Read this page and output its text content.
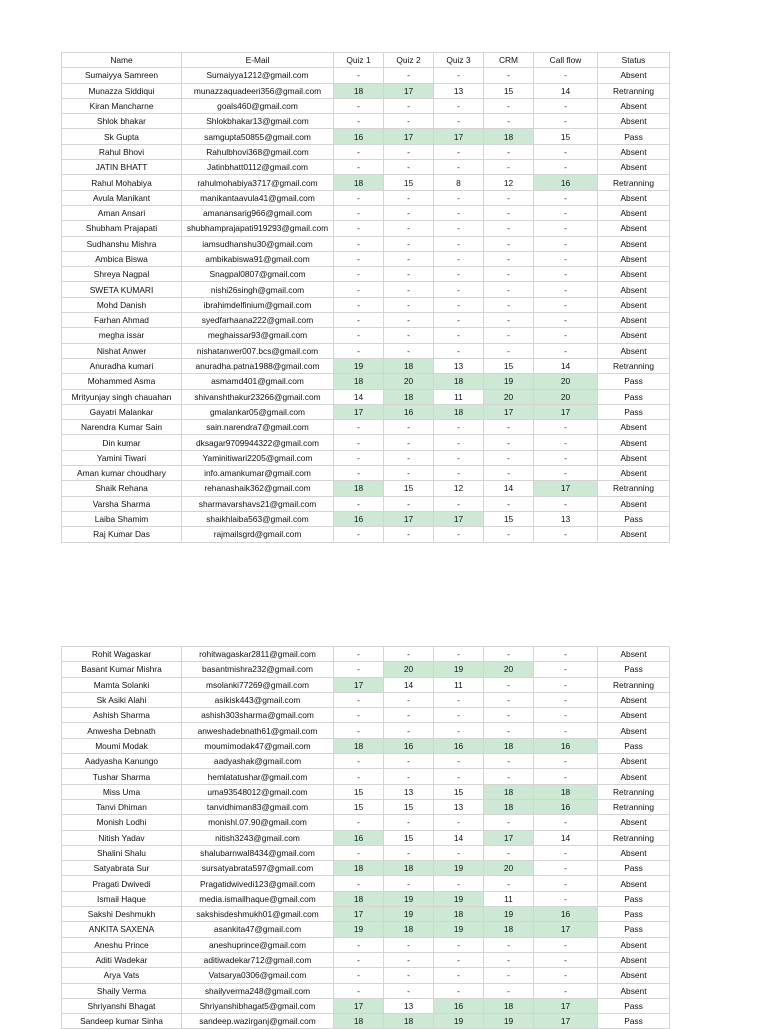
Name	E-Mail	Quiz 1	Quiz 2	Quiz 3	CRM	Call flow	Status
Sumaiyya Samreen	Sumaiyya1212@gmail.com	-	-	-	-	-	Absent
Munazza Siddiqui	munazzaquadeeri356@gmail.com	18	17	13	15	14	Retranning
Kiran Mancharne	goals460@gmail.com	-	-	-	-	-	Absent
Shlok bhakar	Shlokbhakar13@gmail.com	-	-	-	-	-	Absent
Sk Gupta	samgupta50855@gmail.com	16	17	17	18	15	Pass
Rahul Bhovi	Rahulbhovi368@gmail.com	-	-	-	-	-	Absent
JATIN BHATT	Jatinbhatt0112@gmail.com	-	-	-	-	-	Absent
Rahul Mohabiya	rahulmohabiya3717@gmail.com	18	15	8	12	16	Retranning
Avula Manikant	manikantaavula41@gmail.com	-	-	-	-	-	Absent
Aman Ansari	amanansarig966@gmail.com	-	-	-	-	-	Absent
Shubham Prajapati	shubhamprajapati919293@gmail.com	-	-	-	-	-	Absent
Sudhanshu Mishra	iamsudhanshu30@gmail.com	-	-	-	-	-	Absent
Ambica Biswa	ambikabiswa91@gmail.com	-	-	-	-	-	Absent
Shreya Nagpal	Snagpal0807@gmail.com	-	-	-	-	-	Absent
SWETA KUMARI	nishi26singh@gmail.com	-	-	-	-	-	Absent
Mohd Danish	ibrahimdelfinium@gmail.com	-	-	-	-	-	Absent
Farhan Ahmad	syedfarhaana222@gmail.com	-	-	-	-	-	Absent
megha issar	meghaissar93@gmail.com	-	-	-	-	-	Absent
Nishat Anwer	nishatanwer007.bcs@gmail.com	-	-	-	-	-	Absent
Anuradha kumari	anuradha.patna1988@gmail.com	19	18	13	15	14	Retranning
Mohammed Asma	asmamd401@gmail.com	18	20	18	19	20	Pass
Mrityunjay singh chauahan	shivanshthakur23266@gmail.com	14	18	11	20	20	Pass
Gayatri Malankar	gmalankar05@gmail.com	17	16	18	17	17	Pass
Narendra Kumar Sain	sain.narendra7@gmail.com	-	-	-	-	-	Absent
Din kumar	dksagar9709944322@gmail.com	-	-	-	-	-	Absent
Yamini Tiwari	Yaminitiwari2205@gmail.com	-	-	-	-	-	Absent
Aman kumar choudhary	info.amankumar@gmail.com	-	-	-	-	-	Absent
Shaik Rehana	rehanashaik362@gmail.com	18	15	12	14	17	Retranning
Varsha Sharma	sharmavarshavs21@gmail.com	-	-	-	-	-	Absent
Laiba Shamim	shaikhlaiba563@gmail.com	16	17	17	15	13	Pass
Raj Kumar Das	rajmailsgrd@gmail.com	-	-	-	-	-	Absent
Rohit Wagaskar	rohitwagaskar2811@gmail.com	-	-	-	-	-	Absent
Basant Kumar Mishra	basantmishra232@gmail.com	-	20	19	20	-	Pass
Mamta Solanki	msolanki77269@gmail.com	17	14	11	-	-	Retranning
Sk Asiki Alahi	asikisk443@gmail.com	-	-	-	-	-	Absent
Ashish Sharma	ashish303sharma@gmail.com	-	-	-	-	-	Absent
Anwesha Debnath	anweshadebnath61@gmail.com	-	-	-	-	-	Absent
Moumi Modak	moumimodak47@gmail.com	18	16	16	18	16	Pass
Aadyasha Kanungo	aadyashak@gmail.com	-	-	-	-	-	Absent
Tushar Sharma	hemlatatushar@gmail.com	-	-	-	-	-	Absent
Miss Uma	uma93548012@gmail.com	15	13	15	18	18	Retranning
Tanvi Dhiman	tanvidhiman83@gmail.com	15	15	13	18	16	Retranning
Monish Lodhi	monishl.07.90@gmail.com	-	-	-	-	-	Absent
Nitish Yadav	nitish3243@gmail.com	16	15	14	17	14	Retranning
Shalini Shalu	shalubarnwal8434@gmail.com	-	-	-	-	-	Absent
Satyabrata Sur	sursatyabrata597@gmail.com	18	18	19	20	-	Pass
Pragati Dwivedi	Pragatidwivedi123@gmail.com	-	-	-	-	-	Absent
Ismail Haque	media.ismailhaque@gmail.com	18	19	19	11	-	Pass
Sakshi Deshmukh	sakshisdeshmukh01@gmail.com	17	19	18	19	16	Pass
ANKITA SAXENA	asankita47@gmail.com	19	18	19	18	17	Pass
Aneshu Prince	aneshuprince@gmail.com	-	-	-	-	-	Absent
Aditi Wadekar	aditiwadekar712@gmail.com	-	-	-	-	-	Absent
Arya Vats	Vatsarya0306@gmail.com	-	-	-	-	-	Absent
Shaily Verma	shailyverma248@gmail.com	-	-	-	-	-	Absent
Shriyanshi Bhagat	Shriyanshibhagat5@gmail.com	17	13	16	18	17	Pass
Sandeep kumar Sinha	sandeep.wazirganj@gmail.com	18	18	19	19	17	Pass
